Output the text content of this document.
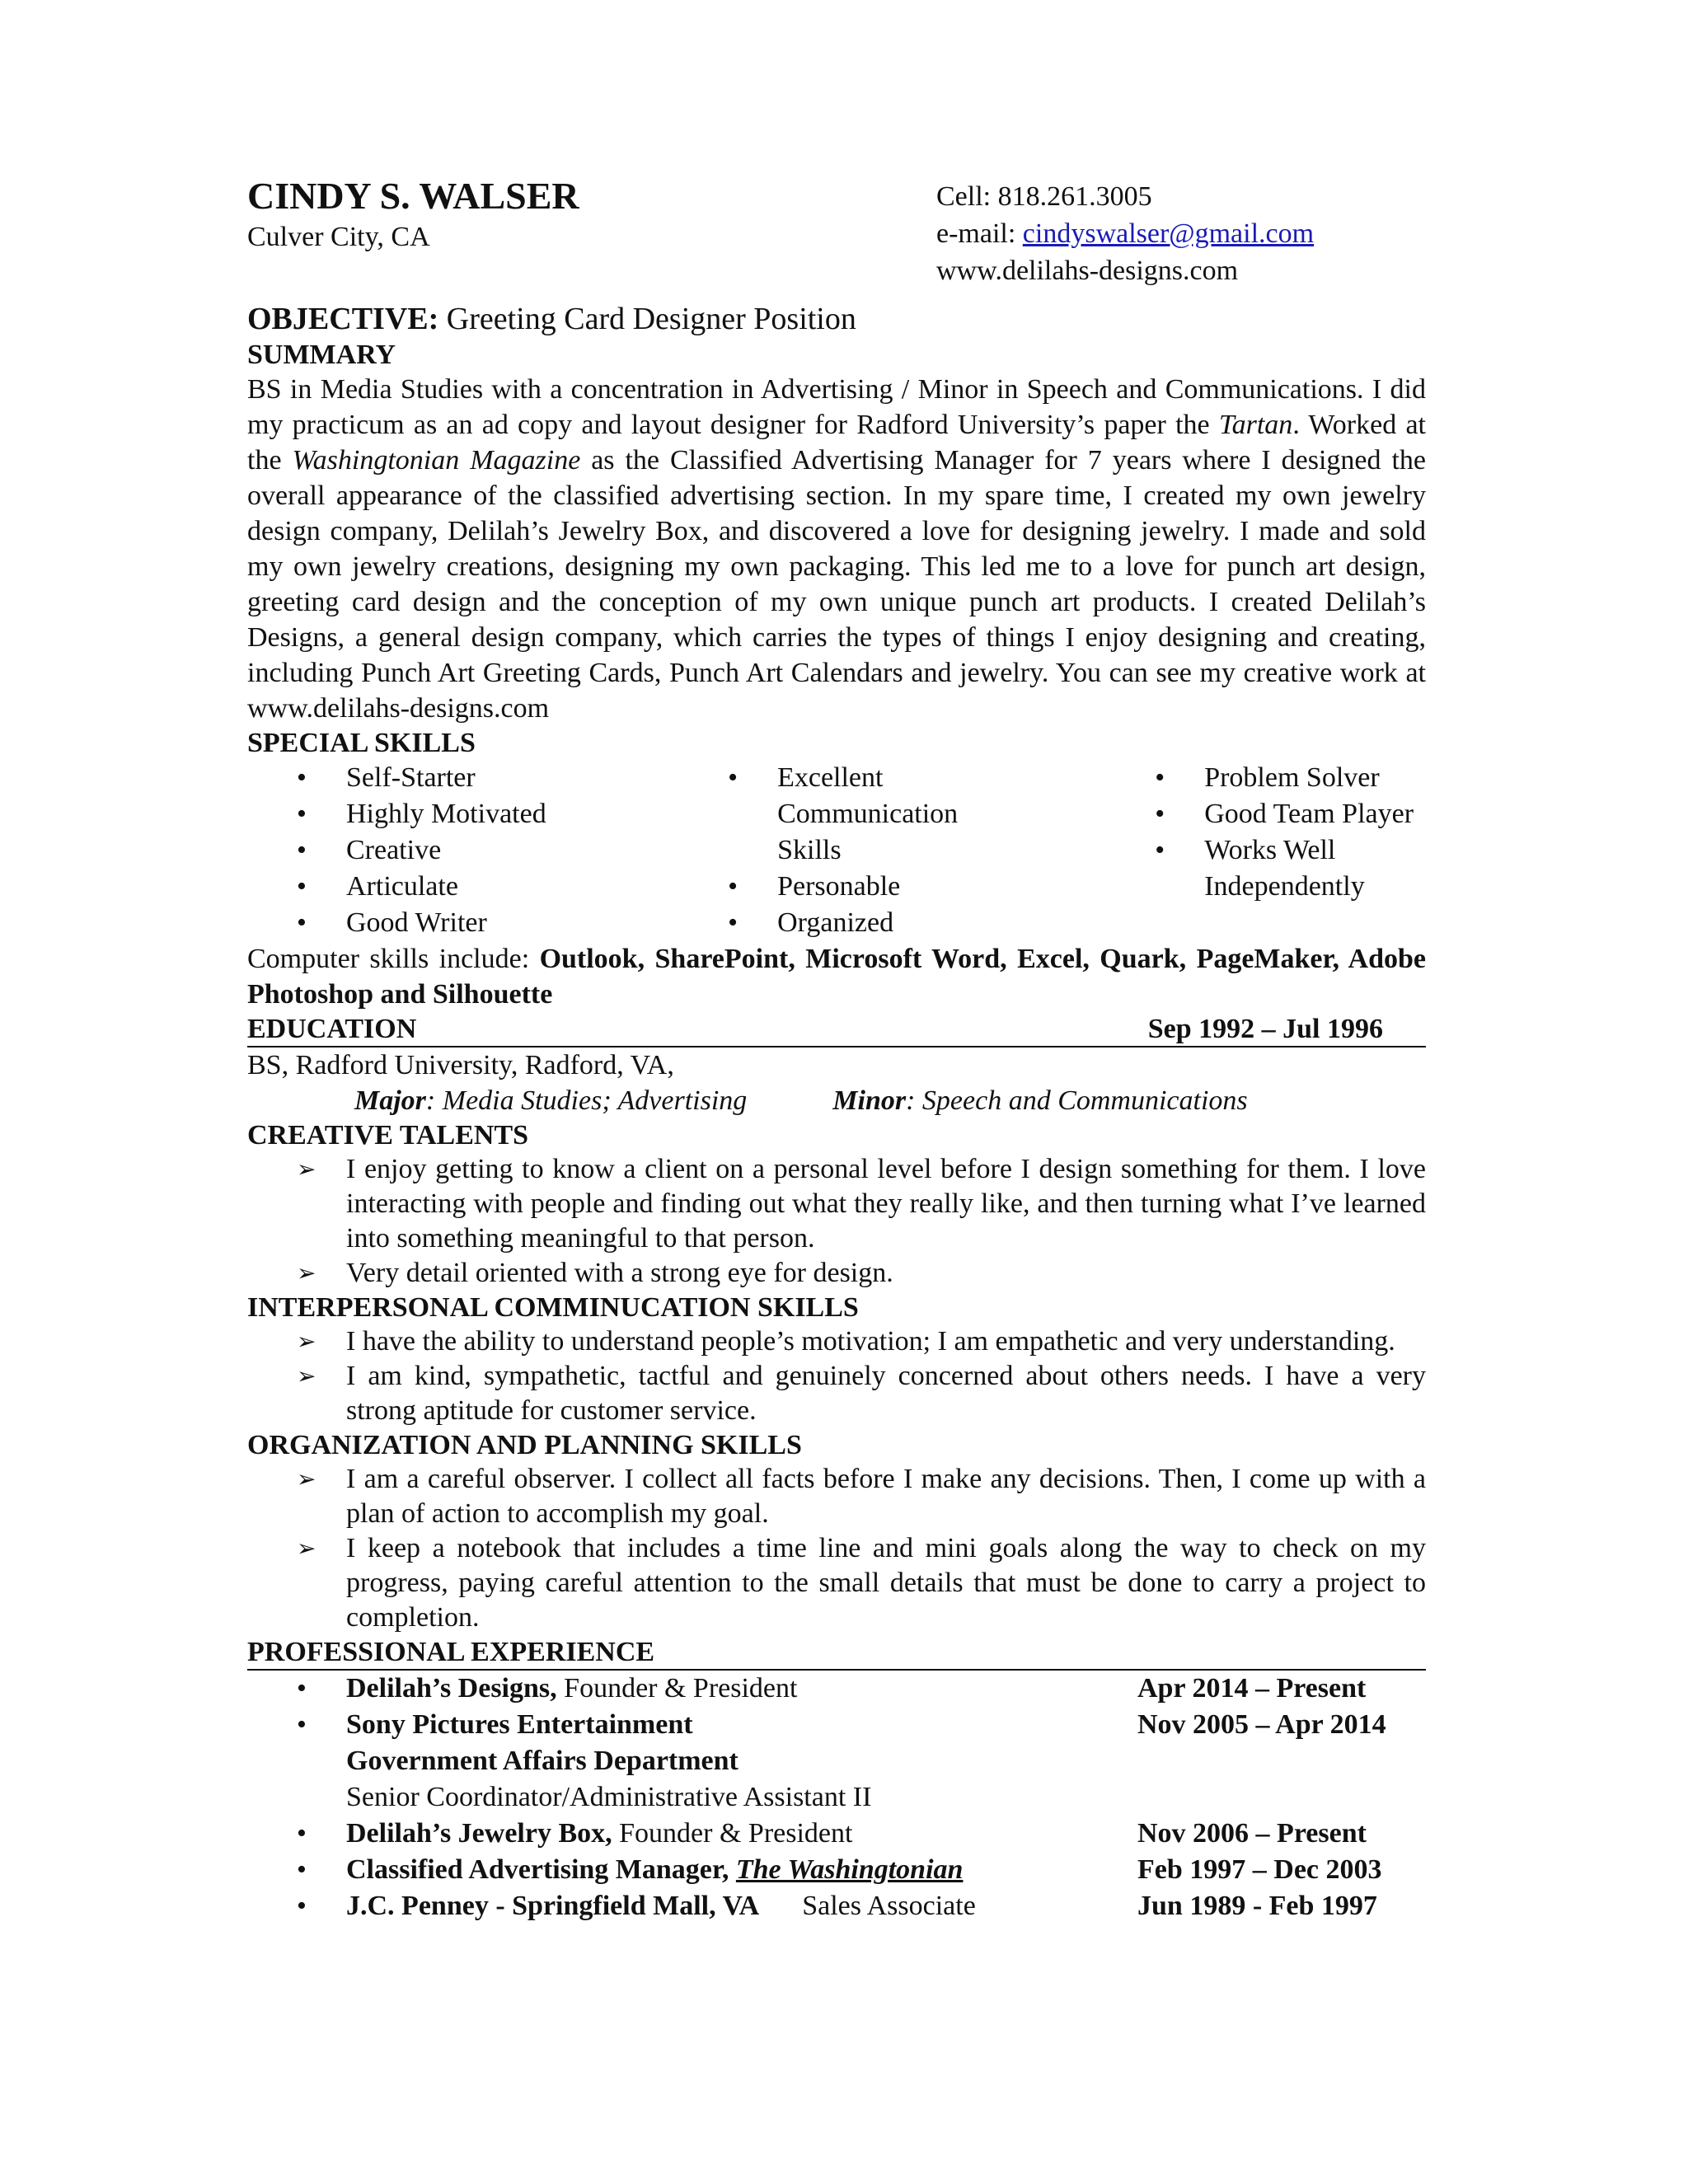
CINDY S. WALSER
Culver City, CA
Cell: 818.261.3005
e-mail: cindyswalser@gmail.com
www.delilahs-designs.com
OBJECTIVE: Greeting Card Designer Position
SUMMARY
BS in Media Studies with a concentration in Advertising / Minor in Speech and Communications. I did my practicum as an ad copy and layout designer for Radford University’s paper the Tartan. Worked at the Washingtonian Magazine as the Classified Advertising Manager for 7 years where I designed the overall appearance of the classified advertising section. In my spare time, I created my own jewelry design company, Delilah’s Jewelry Box, and discovered a love for designing jewelry. I made and sold my own jewelry creations, designing my own packaging. This led me to a love for punch art design, greeting card design and the conception of my own unique punch art products. I created Delilah’s Designs, a general design company, which carries the types of things I enjoy designing and creating, including Punch Art Greeting Cards, Punch Art Calendars and jewelry. You can see my creative work at www.delilahs-designs.com
SPECIAL SKILLS
• Self-Starter
• Highly Motivated
• Creative
• Articulate
• Good Writer
• Excellent Communication Skills
• Personable
• Organized
• Problem Solver
• Good Team Player
• Works Well Independently
Computer skills include: Outlook, SharePoint, Microsoft Word, Excel, Quark, PageMaker, Adobe Photoshop and Silhouette
EDUCATION	Sep 1992 – Jul 1996
BS, Radford University, Radford, VA,
Major: Media Studies; Advertising	Minor: Speech and Communications
CREATIVE TALENTS
➢ I enjoy getting to know a client on a personal level before I design something for them. I love interacting with people and finding out what they really like, and then turning what I’ve learned into something meaningful to that person.
➢ Very detail oriented with a strong eye for design.
INTERPERSONAL COMMINUCATION SKILLS
➢ I have the ability to understand people’s motivation; I am empathetic and very understanding.
➢ I am kind, sympathetic, tactful and genuinely concerned about others needs. I have a very strong aptitude for customer service.
ORGANIZATION AND PLANNING SKILLS
➢ I am a careful observer. I collect all facts before I make any decisions. Then, I come up with a plan of action to accomplish my goal.
➢ I keep a notebook that includes a time line and mini goals along the way to check on my progress, paying careful attention to the small details that must be done to carry a project to completion.
PROFESSIONAL EXPERIENCE
• Delilah’s Designs, Founder & President	Apr 2014 – Present
• Sony Pictures Entertainment
Government Affairs Department
Senior Coordinator/Administrative Assistant II
Nov 2005 – Apr 2014
• Delilah’s Jewelry Box, Founder & President	Nov 2006 – Present
• Classified Advertising Manager, The Washingtonian	Feb 1997 – Dec 2003
• J.C. Penney - Springfield Mall, VA Sales Associate	Jun 1989 - Feb 1997
